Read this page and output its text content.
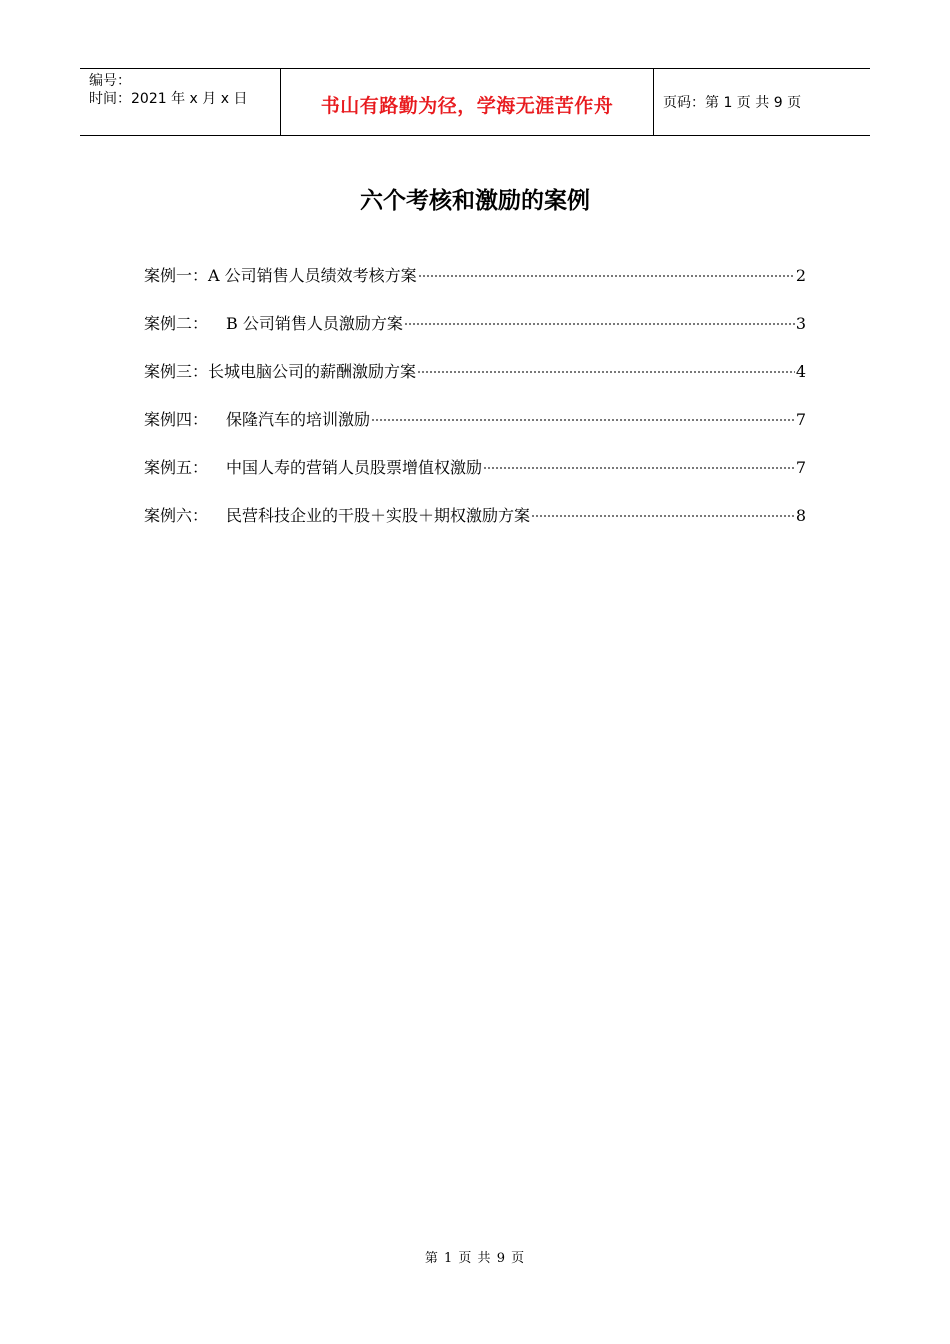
编号：
时间：2021 年 x 月 x 日	书山有路勤为径，学海无涯苦作舟	页码：第 1 页 共 9 页
六个考核和激励的案例
案例一： A 公司销售人员绩效考核方案	2
案例二： B 公司销售人员激励方案	3
案例三： 长城电脑公司的薪酬激励方案	4
案例四： 保隆汽车的培训激励	7
案例五： 中国人寿的营销人员股票增值权激励	7
案例六： 民营科技企业的干股＋实股＋期权激励方案	8
第 1 页 共 9 页
